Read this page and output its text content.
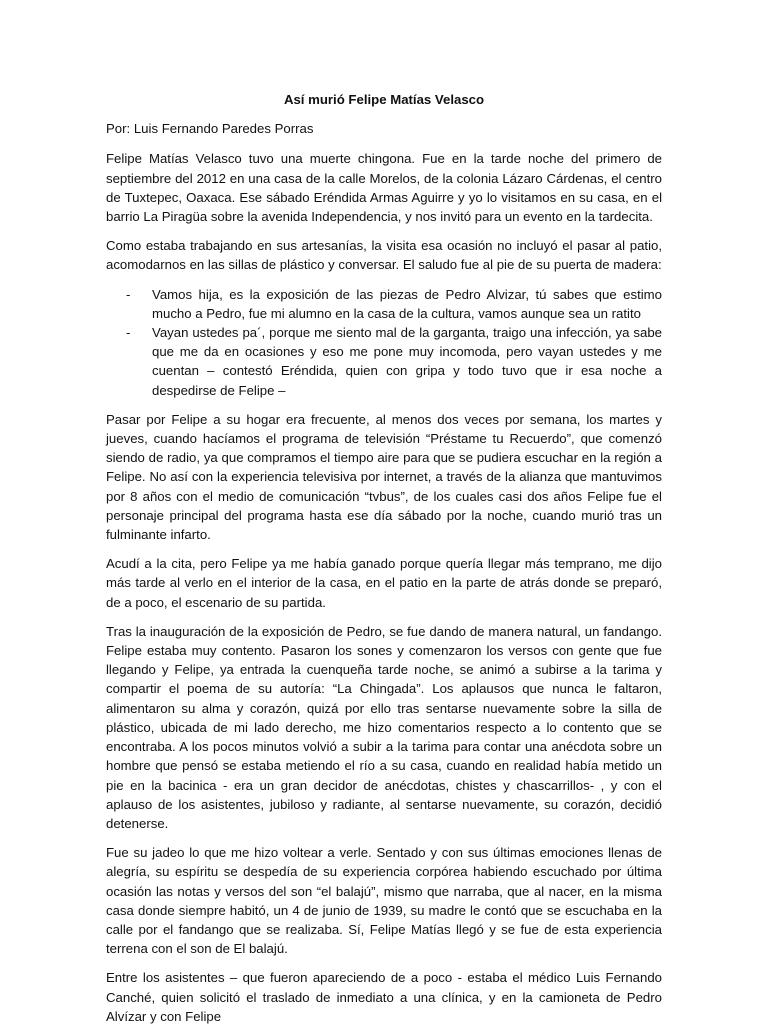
Así murió Felipe Matías Velasco

Por: Luis Fernando Paredes Porras

Felipe Matías Velasco tuvo una muerte chingona. Fue en la tarde noche del primero de septiembre del 2012 en una casa de la calle Morelos, de la colonia Lázaro Cárdenas, el centro de Tuxtepec, Oaxaca. Ese sábado Eréndida Armas Aguirre y yo lo visitamos en su casa, en el barrio La Piragüa sobre la avenida Independencia, y nos invitó para un evento en la tardecita.

Como estaba trabajando en sus artesanías, la visita esa ocasión no incluyó el pasar al patio, acomodarnos en las sillas de plástico y conversar. El saludo fue al pie de su puerta de madera:

- Vamos hija, es la exposición de las piezas de Pedro Alvizar, tú sabes que estimo mucho a Pedro, fue mi alumno en la casa de la cultura, vamos aunque sea un ratito
- Vayan ustedes pa´, porque me siento mal de la garganta, traigo una infección, ya sabe que me da en ocasiones y eso me pone muy incomoda, pero vayan ustedes y me cuentan – contestó Eréndida, quien con gripa y todo tuvo que ir esa noche a despedirse de Felipe –

Pasar por Felipe a su hogar era frecuente, al menos dos veces por semana, los martes y jueves, cuando hacíamos el programa de televisión “Préstame tu Recuerdo”, que comenzó siendo de radio, ya que compramos el tiempo aire para que se pudiera escuchar en la región a Felipe. No así con la experiencia televisiva por internet, a través de la alianza que mantuvimos por 8 años con el medio de comunicación “tvbus”, de los cuales casi dos años Felipe fue el personaje principal del programa hasta ese día sábado por la noche, cuando murió tras un fulminante infarto.

Acudí a la cita, pero Felipe ya me había ganado porque quería llegar más temprano, me dijo más tarde al verlo en el interior de la casa, en el patio en la parte de atrás donde se preparó, de a poco, el escenario de su partida.

Tras la inauguración de la exposición de Pedro, se fue dando de manera natural, un fandango. Felipe estaba muy contento. Pasaron los sones y comenzaron los versos con gente que fue llegando y Felipe, ya entrada la cuenqueña tarde noche, se animó a subirse a la tarima y compartir el poema de su autoría: “La Chingada”. Los aplausos que nunca le faltaron, alimentaron su alma y corazón, quizá por ello tras sentarse nuevamente sobre la silla de plástico, ubicada de mi lado derecho, me hizo comentarios respecto a lo contento que se encontraba. A los pocos minutos volvió a subir a la tarima para contar una anécdota sobre un hombre que pensó se estaba metiendo el río a su casa, cuando en realidad había metido un pie en la bacinica - era un gran decidor de anécdotas, chistes y chascarrillos- , y con el aplauso de los asistentes, jubiloso y radiante, al sentarse nuevamente, su corazón, decidió detenerse.

Fue su jadeo lo que me hizo voltear a verle. Sentado y con sus últimas emociones llenas de alegría, su espíritu se despedía de su experiencia corpórea habiendo escuchado por última ocasión las notas y versos del son “el balajú”, mismo que narraba, que al nacer, en la misma casa donde siempre habitó, un 4 de junio de 1939, su madre le contó que se escuchaba en la calle por el fandango que se realizaba. Sí, Felipe Matías llegó y se fue de esta experiencia terrena con el son de El balajú.

Entre los asistentes – que fueron apareciendo de a poco - estaba el médico Luis Fernando Canché, quien solicitó el traslado de inmediato a una clínica, y en la camioneta de Pedro Alvízar y con Felipe
